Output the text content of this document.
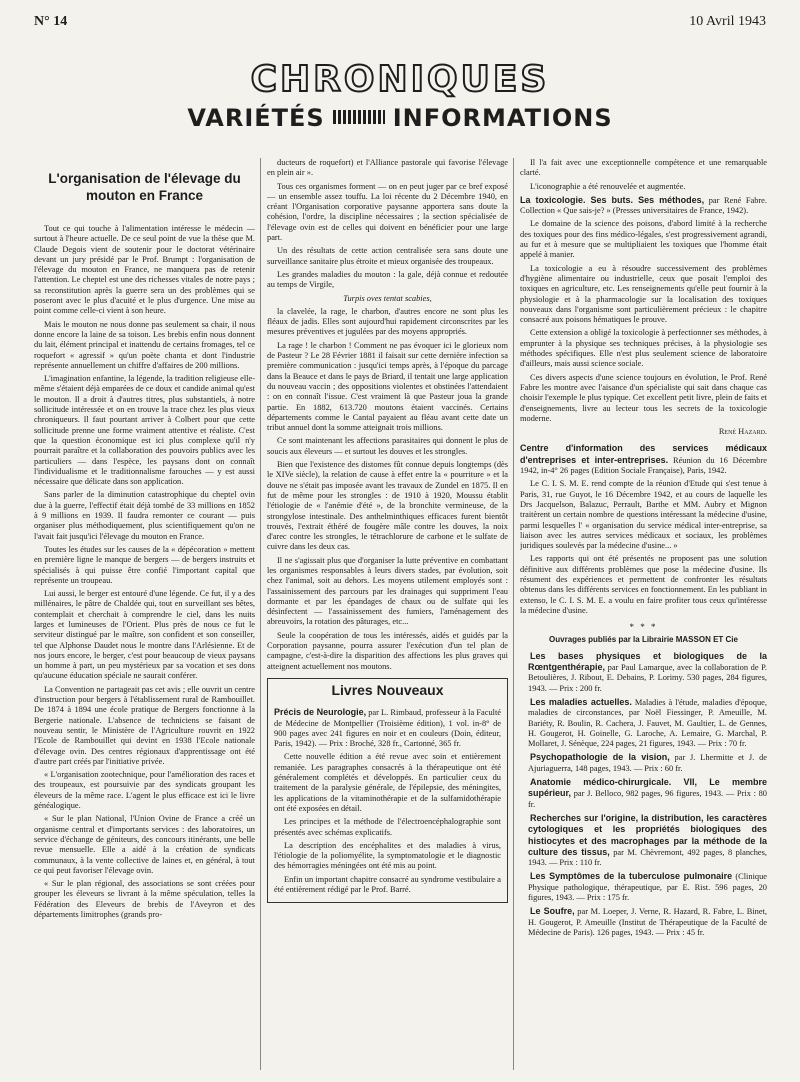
N° 14	10 Avril 1943
CHRONIQUES
VARIÉTÉS	INFORMATIONS
L'organisation de l'élevage du mouton en France

Tout ce qui touche à l'alimentation intéresse le médecin — surtout à l'heure actuelle. De ce seul point de vue la thèse que M. Claude Degois vient de soutenir pour le doctorat vétérinaire devant un jury présidé par le Prof. Brumpt : l'organisation de l'élevage du mouton en France, ne manquera pas de retenir l'attention. Le cheptel est une des richesses vitales de notre pays ; sa reconstitution après la guerre sera un des problèmes qui se poseront avec le plus d'acuité et le plus d'urgence. Une mise au point comme celle-ci vient à son heure.

Mais le mouton ne nous donne pas seulement sa chair, il nous donne encore la laine de sa toison. Les brebis enfin nous donnent du lait, élément principal et inattendu de certains fromages, tel ce roquefort « agressif » qu'un poète chanta et dont l'industrie représente annuellement un chiffre d'affaires de 200 millions.

L'imagination enfantine, la légende, la tradition religieuse elle-même s'étaient déjà emparées de ce doux et candide animal qu'est le mouton. Il a droit à d'autres titres, plus substantiels, à notre sollicitude intéressée et on en trouve la trace chez les plus vieux chroniqueurs. Il faut pourtant arriver à Colbert pour que cette sollicitude prenne une forme vraiment attentive et réaliste. C'est que la question économique est ici plus complexe qu'il n'y pourrait paraître et la collaboration des pouvoirs publics avec les particuliers — dans l'espèce, les paysans dont on connaît l'individualisme et le traditionnalisme farouches — y est aussi nécessaire que délicate dans son application.

Sans parler de la diminution catastrophique du cheptel ovin due à la guerre, l'effectif était déjà tombé de 33 millions en 1852 à 9 millions en 1939. Il faudra remonter ce courant — puis organiser plus méthodiquement, plus scientifiquement qu'on ne l'avait fait jusqu'ici l'élevage du mouton en France.

Toutes les études sur les causes de la « dépécoration » mettent en première ligne le manque de bergers — de bergers instruits et spécialisés à qui puisse être confié l'important capital que représente un troupeau.

Lui aussi, le berger est entouré d'une légende. Ce fut, il y a des millénaires, le pâtre de Chaldée qui, tout en surveillant ses bêtes, contemplait et cherchait à comprendre le ciel, dans les nuits larges et lumineuses de l'Orient. Plus près de nous ce fut le serviteur distingué par le maître, son confident et son conseiller, tel que Alphonse Daudet nous le montre dans l'Arlésienne. Et de nos jours encore, le berger, c'est pour beaucoup de vieux paysans un homme à part, un peu mystérieux par sa vocation et ses dons qu'aucune éducation spéciale ne saurait conférer.

La Convention ne partageait pas cet avis ; elle ouvrit un centre d'instruction pour bergers à l'établissement rural de Rambouillet. De 1874 à 1894 une école pratique de Bergers fonctionne à la Bergerie nationale. L'absence de techniciens se faisant de nouveau sentir, le Ministère de l'Agriculture rouvrit en 1922 l'Ecole de Rambouillet qui devint en 1938 l'Ecole nationale d'élevage ovin. Des centres régionaux d'apprentissage ont été d'autre part créés par l'initiative privée.

« L'organisation zootechnique, pour l'amélioration des races et des troupeaux, est poursuivie par des syndicats groupant les éleveurs de la même race. L'agent le plus efficace est ici le livre généalogique.

« Sur le plan National, l'Union Ovine de France a créé un organisme central et d'importants services : des laboratoires, un service d'échange de géniteurs, des concours itinérants, une belle revue mensuelle. Elle a aidé à la création de syndicats communaux, à la vente collective de laines et, en général, à tout ce qui peut favoriser l'élevage ovin.

« Sur le plan régional, des associations se sont créées pour grouper les éleveurs se livrant à la même spéculation, telles la Fédération des Eleveurs de brebis de l'Aveyron et des départements limitrophes (grands pro-

ducteurs de roquefort) et l'Alliance pastorale qui favorise l'élevage en plein air ».

Tous ces organismes forment — on en peut juger par ce bref exposé — un ensemble assez touffu. La loi récente du 2 Décembre 1940, en créant l'Organisation corporative paysanne apportera sans doute la cohésion, l'ordre, la discipline nécessaires ; la section spécialisée de l'élevage ovin est de celles qui doivent en bénéficier pour une large part.

Un des résultats de cette action centralisée sera sans doute une surveillance sanitaire plus étroite et mieux organisée des troupeaux.

Les grandes maladies du mouton : la gale, déjà connue et redoutée au temps de Virgile,

Turpis oves tentat scabies,

la clavelée, la rage, le charbon, d'autres encore ne sont plus les fléaux de jadis. Elles sont aujourd'hui rapidement circonscrites par les mesures préventives et jugulées par des moyens appropriés.

La rage ! le charbon ! Comment ne pas évoquer ici le glorieux nom de Pasteur ? Le 28 Février 1881 il faisait sur cette dernière infection sa première communication : jusqu'ici temps après, à l'époque du parcage dans la Beauce et dans le pays de Briard, il tentait une large application du nouveau vaccin ; des oppositions violentes et obstinées l'attendaient : on en connaît l'issue. C'est vraiment là que Pasteur joua la grande partie. En 1882, 613.720 moutons étaient vaccinés. Certains départements comme le Cantal payaient au fléau avant cette date un tribut annuel dont la somme atteignait trois millions.

Ce sont maintenant les affections parasitaires qui donnent le plus de soucis aux éleveurs — et surtout les douves et les strongles.

Bien que l'existence des distomes fût connue depuis longtemps (dès le XIVe siècle), la relation de cause à effet entre la « pourriture » et la douve ne s'était pas imposée avant les travaux de Zundel en 1875. Il en fut de même pour les strongles : de 1910 à 1920, Moussu établit l'étiologie de « l'anémie d'été », de la bronchite vermineuse, de la strongylose intestinale. Des anthelminthiques efficaces furent bientôt trouvés, l'extrait éthéré de fougère mâle contre les douves, la noix d'arec contre les strongles, le tétrachlorure de carbone et le sulfate de cuivre dans les deux cas.

Il ne s'agissait plus que d'organiser la lutte préventive en combattant les organismes responsables à leurs divers stades, par évolution, soit chez l'animal, soit au dehors. Les moyens utilement employés sont : l'assainissement des parcours par les drainages qui suppriment l'eau dormante et par les épandages de chaux ou de sulfate qui les désinfectent — l'assainissement des fumiers, l'aménagement des abreuvoirs, la rotation des pâturages, etc...

Seule la coopération de tous les intéressés, aidés et guidés par la Corporation paysanne, pourra assurer l'exécution d'un tel plan de campagne, c'est-à-dire la disparition des affections les plus graves qui atteignent actuellement nos moutons.

Livres Nouveaux

Précis de Neurologie, par L. Rimbaud, professeur à la Faculté de Médecine de Montpellier (Troisième édition), 1 vol. in-8° de 900 pages avec 241 figures en noir et en couleurs (Doin, éditeur, Paris, 1942). — Prix : Broché, 328 fr., Cartonné, 365 fr.

Cette nouvelle édition a été revue avec soin et entièrement remaniée. Les paragraphes consacrés à la thérapeutique ont été généralement complétés et développés. En particulier ceux du traitement de la paralysie générale, de l'épilepsie, des méningites, les applications de la vitaminothérapie et de la sulfamidothérapie ont été exposées en détail.

Les principes et la méthode de l'électroencéphalographie sont présentés avec schémas explicatifs.

La description des encéphalites et des maladies à virus, l'étiologie de la poliomyélite, la symptomatologie et le diagnostic des hémorragies méningées ont été mis au point.

Enfin un important chapitre consacré au syndrome vestibulaire a été entièrement rédigé par le Prof. Barré.

Il l'a fait avec une exceptionnelle compétence et une remarquable clarté.

L'iconographie a été renouvelée et augmentée.

La toxicologie. Ses buts. Ses méthodes, par René Fabre. Collection « Que sais-je? » (Presses universitaires de France, 1942).

Le domaine de la science des poisons, d'abord limité à la recherche des toxiques pour des fins médico-légales, s'est progressivement agrandi, au fur et à mesure que se multipliaient les toxiques que l'homme était appelé à manier.

La toxicologie a eu à résoudre successivement des problèmes d'hygiène alimentaire ou industrielle, ceux que posait l'emploi des toxiques en agriculture, etc. Les renseignements qu'elle peut fournir à la physiologie et à la pharmacologie sur la localisation des toxiques nouveaux dans l'organisme sont particulièrement précieux : le chapitre consacré aux poisons hématiques le prouve.

Cette extension a obligé la toxicologie à perfectionner ses méthodes, à emprunter à la physique ses techniques précises, à la physiologie ses méthodes spécifiques. Elle n'est plus seulement science de laboratoire d'ailleurs, mais aussi science sociale.

Ces divers aspects d'une science toujours en évolution, le Prof. René Fabre les montre avec l'aisance d'un spécialiste qui sait dans chaque cas choisir l'exemple le plus typique. Cet excellent petit livre, plein de faits et d'enseignements, livre au lecteur tous les secrets de la toxicologie moderne.

René Hazard.

Centre d'information des services médicaux d'entreprises et inter-entreprises. Réunion du 16 Décembre 1942, in-4° 26 pages (Edition Sociale Française), Paris, 1942.

Le C. I. S. M. E. rend compte de la réunion d'Etude qui s'est tenue à Paris, 31, rue Guyot, le 16 Décembre 1942, et au cours de laquelle les Drs Jacquelson, Balazuc, Perrault, Barthe et MM. Aubry et Mignon traitèrent un certain nombre de questions intéressant la médecine d'usine, parmi lesquelles l' « organisation du service médical inter-entreprise, sa liaison avec les autres services médicaux et sociaux, les problèmes juridiques soulevés par la médecine d'usine... »

Les rapports qui ont été présentés ne proposent pas une solution définitive aux différents problèmes que pose la médecine d'usine. Ils résument des expériences et permettent de confronter les résultats obtenus dans les différents services en fonctionnement. En les publiant in extenso, le C. I. S. M. E. a voulu en faire profiter tous ceux qu'intéresse la médecine d'usine.

* * *
Ouvrages publiés par la Librairie MASSON ET Cie

Les bases physiques et biologiques de la Rœntgenthérapie, par Paul Lamarque, avec la collaboration de P. Betoulières, J. Ribout, E. Debains, P. Lorimy. 530 pages, 284 figures, 1943. — Prix : 200 fr.

Les maladies actuelles. Maladies à l'étude, maladies d'époque, maladies de circonstances, par Noël Fiessinger, P. Ameuille, M. Bariéty, R. Boulin, R. Cachera, J. Fauvet, M. Gaultier, L. de Gennes, H. Gougerot, H. Goinelle, G. Laroche, A. Lemaire, G. Marchal, P. Mollaret, J. Sénèque, 224 pages, 21 figures, 1943. — Prix : 70 fr.

Psychopathologie de la vision, par J. Lhermitte et J. de Ajuriaguerra, 148 pages, 1943. — Prix : 60 fr.

Anatomie médico-chirurgicale. VII, Le membre supérieur, par J. Belloco, 982 pages, 96 figures, 1943. — Prix : 80 fr.

Recherches sur l'origine, la distribution, les caractères cytologiques et les propriétés biologiques des histiocytes et des macrophages par la méthode de la culture des tissus, par M. Chèvremont, 492 pages, 8 planches, 1943. — Prix : 110 fr.

Les Symptômes de la tuberculose pulmonaire (Clinique Physique pathologique, thérapeutique, par E. Rist. 596 pages, 20 figures, 1943. — Prix : 175 fr.

Le Soufre, par M. Loeper, J. Verne, R. Hazard, R. Fabre, L. Binet, H. Gougerot, P. Ameuille (Institut de Thérapeutique de la Faculté de Médecine de Paris). 126 pages, 1943. — Prix : 45 fr.
